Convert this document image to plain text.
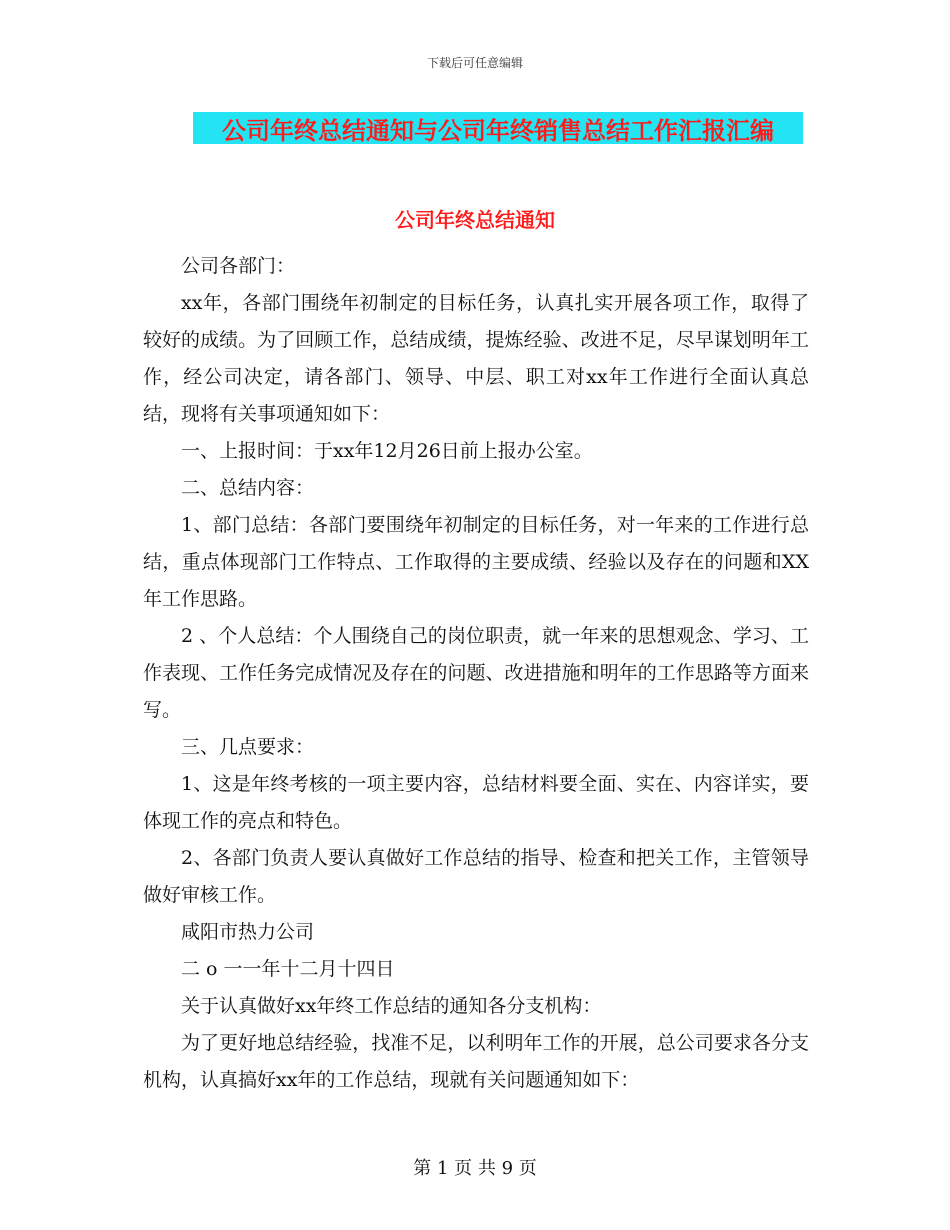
下载后可任意编辑
公司年终总结通知与公司年终销售总结工作汇报汇编
公司年终总结通知

公司各部门：

xx年，各部门围绕年初制定的目标任务，认真扎实开展各项工作，取得了较好的成绩。为了回顾工作，总结成绩，提炼经验、改进不足，尽早谋划明年工作，经公司决定，请各部门、领导、中层、职工对xx年工作进行全面认真总结，现将有关事项通知如下：

一、上报时间：于xx年12月26日前上报办公室。

二、总结内容：

1、部门总结：各部门要围绕年初制定的目标任务，对一年来的工作进行总结，重点体现部门工作特点、工作取得的主要成绩、经验以及存在的问题和XX年工作思路。

2 、个人总结：个人围绕自己的岗位职责，就一年来的思想观念、学习、工作表现、工作任务完成情况及存在的问题、改进措施和明年的工作思路等方面来写。

三、几点要求：

1、这是年终考核的一项主要内容，总结材料要全面、实在、内容详实，要体现工作的亮点和特色。

2、各部门负责人要认真做好工作总结的指导、检查和把关工作，主管领导做好审核工作。

咸阳市热力公司

二 o 一一年十二月十四日

关于认真做好xx年终工作总结的通知各分支机构：

为了更好地总结经验，找准不足，以利明年工作的开展，总公司要求各分支机构，认真搞好xx年的工作总结，现就有关问题通知如下：

第 1 页 共 9 页
